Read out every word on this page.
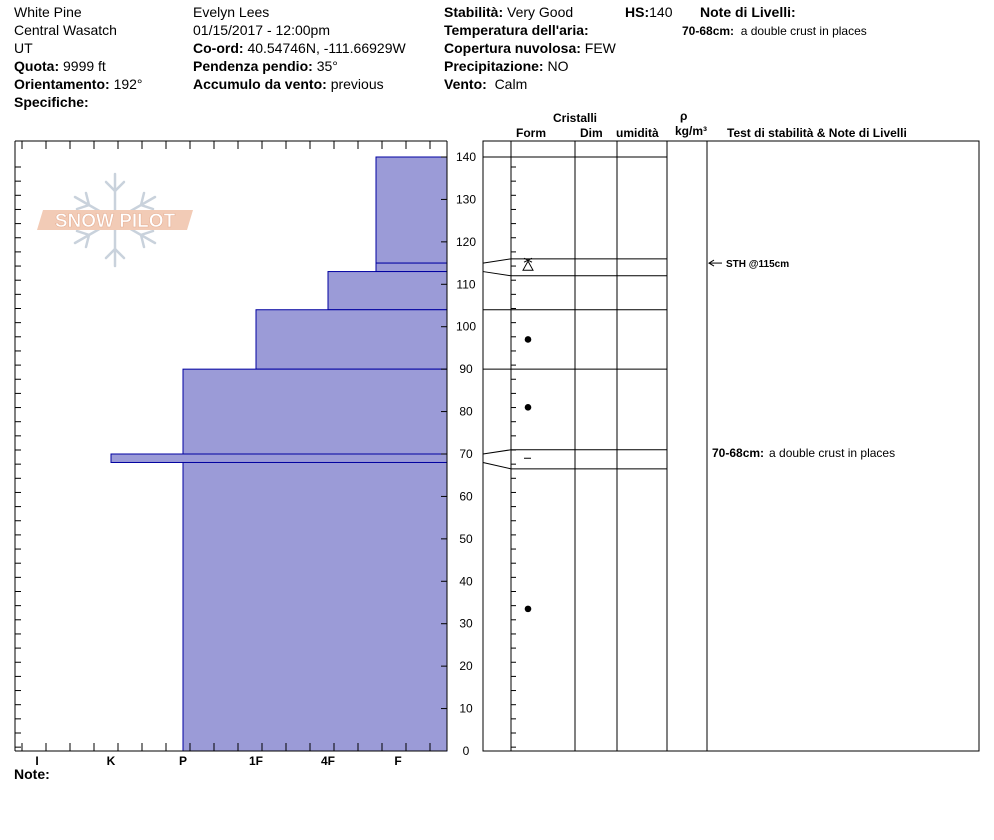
White Pine
Central Wasatch
UT
Quota: 9999 ft
Orientamento: 192°
Specifiche:
Evelyn Lees
01/15/2017 - 12:00pm
Co-ord: 40.54746N, -111.66929W
Pendenza pendio: 35°
Accumulo da vento: previous
Stabilità: Very Good	HS:140
Temperatura dell'aria:
Copertura nuvolosa: FEW
Precipitazione: NO
Vento: Calm
Note di Livelli:
70-68cm: a double crust in places
Cristalli
Form	Dim umidità
ρ
kg/m³ Test di stabilità & Note di Livelli
SNOW PILOT
I	K	P	1F	4F	F
0
10
20
30
40
50
60
70
80
90
100
110
120
130
140
STH @115cm
70-68cm: a double crust in places
Note:
